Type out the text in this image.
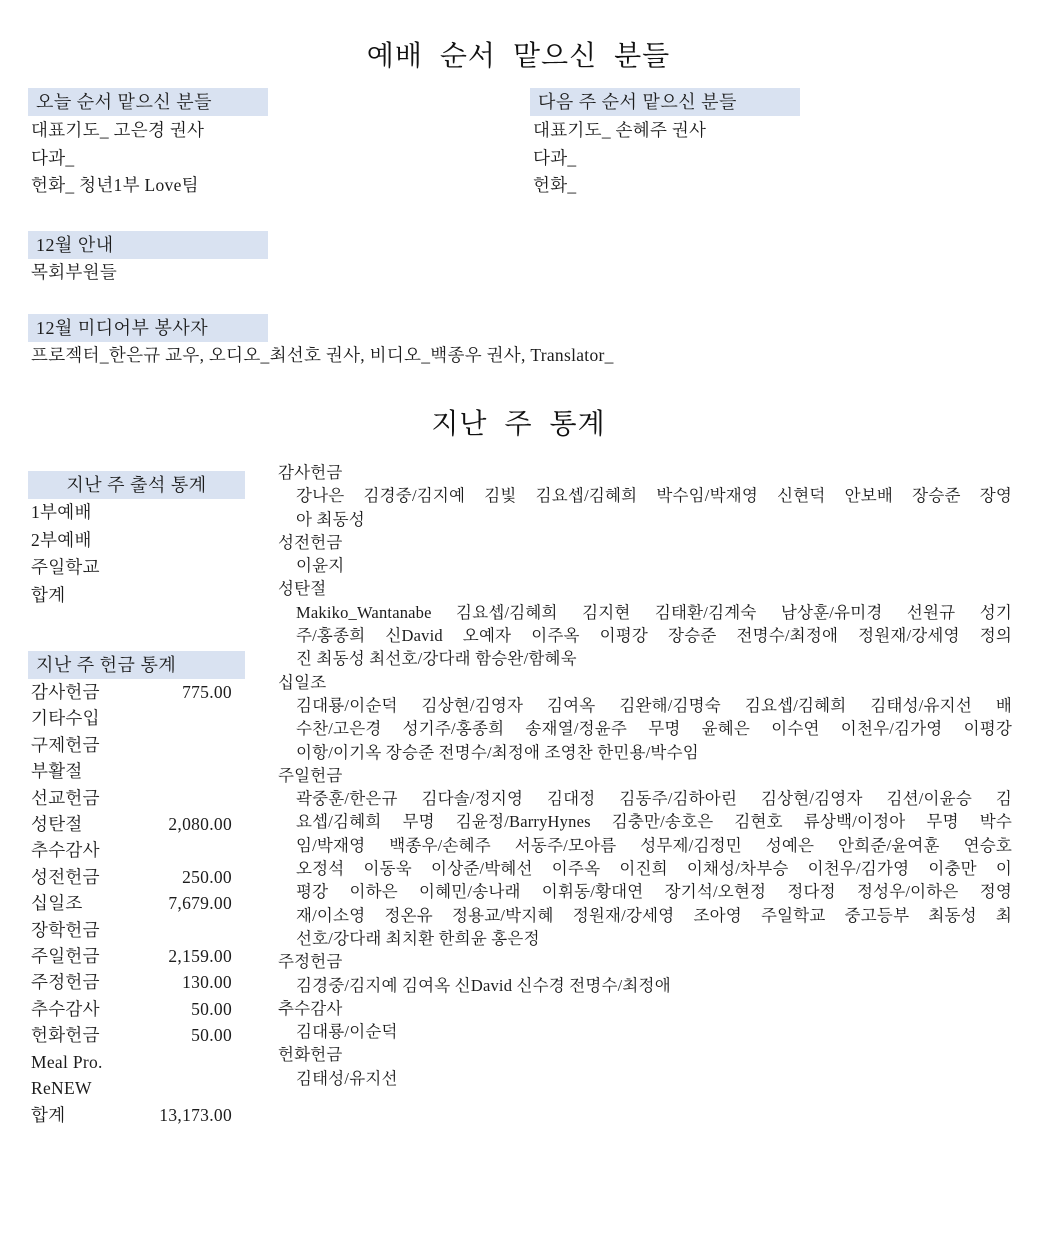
예배 순서 맡으신 분들
오늘 순서 맡으신 분들
대표기도_ 고은경 권사
다과_
헌화_ 청년1부 Love팀
다음 주 순서 맡으신 분들
대표기도_ 손혜주 권사
다과_
헌화_
12월 안내
목회부원들
12월 미디어부 봉사자
프로젝터_한은규 교우, 오디오_최선호 권사, 비디오_백종우 권사, Translator_
지난 주 통계
지난 주 출석 통계
1부예배
2부예배
주일학교
합계
지난 주 헌금 통계
감사헌금	775.00
기타수입
구제헌금
부활절
선교헌금
성탄절	2,080.00
추수감사
성전헌금	250.00
십일조	7,679.00
장학헌금
주일헌금	2,159.00
주정헌금	130.00
추수감사	50.00
헌화헌금	50.00
Meal Pro.
ReNEW
합계	13,173.00
감사헌금
강나은 김경중/김지예 김빛 김요셉/김혜희 박수임/박재영 신현덕 안보배 장승준 장영
아 최동성
성전헌금
이윤지
성탄절
Makiko_Wantanabe 김요셉/김혜희 김지현 김태환/김계숙 남상훈/유미경 선원규 성기
주/홍종희 신David 오예자 이주옥 이평강 장승준 전명수/최정애 정원재/강세영 정의
진 최동성 최선호/강다래 함승완/함혜욱
십일조
김대룡/이순덕 김상현/김영자 김여옥 김완해/김명숙 김요셉/김혜희 김태성/유지선 배
수찬/고은경 성기주/홍종희 송재열/정윤주 무명 윤혜은 이수연 이천우/김가영 이평강
이항/이기옥 장승준 전명수/최정애 조영찬 한민용/박수임
주일헌금
곽중훈/한은규 김다솔/정지영 김대정 김동주/김하아린 김상현/김영자 김션/이윤승 김
요셉/김혜희 무명 김윤정/BarryHynes 김충만/송호은 김현호 류상백/이정아 무명 박수
임/박재영 백종우/손혜주 서동주/모아름 성무제/김정민 성예은 안희준/윤여훈 연승호
오정석 이동욱 이상준/박혜선 이주옥 이진희 이채성/차부승 이천우/김가영 이충만 이
평강 이하은 이혜민/송나래 이휘동/황대연 장기석/오현정 정다정 정성우/이하은 정영
재/이소영 정온유 정용교/박지혜 정원재/강세영 조아영 주일학교 중고등부 최동성 최
선호/강다래 최치환 한희윤 홍은정
주정헌금
김경중/김지예 김여옥 신David 신수경 전명수/최정애
추수감사
김대룡/이순덕
헌화헌금
김태성/유지선
